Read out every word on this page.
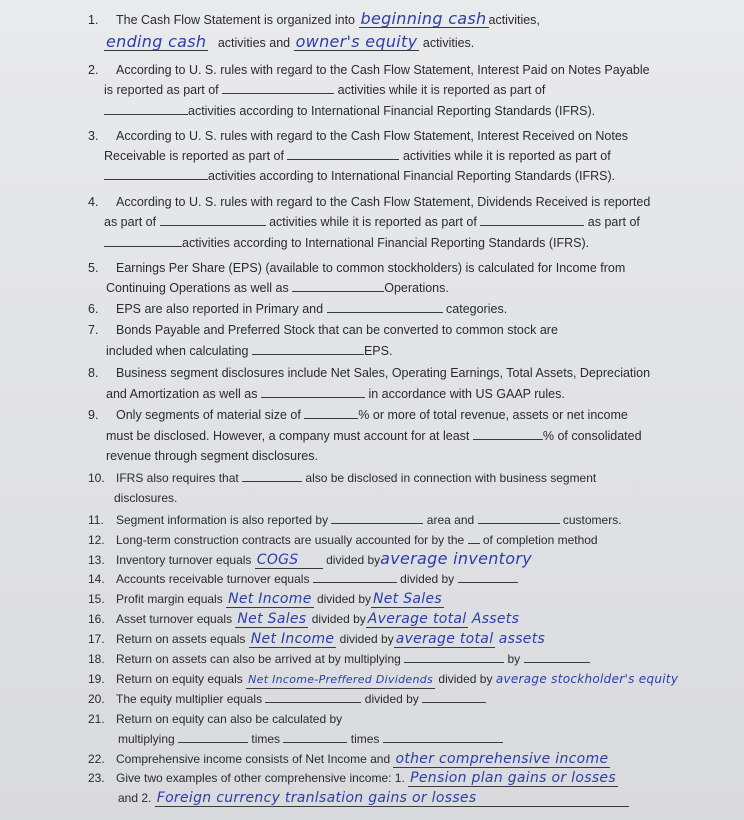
1. The Cash Flow Statement is organized into beginning cash activities,
ending cash activities and owner's equity activities.
2. According to U. S. rules with regard to the Cash Flow Statement, Interest Paid on Notes Payable
is reported as part of	activities while it is reported as part of
activities according to International Financial Reporting Standards (IFRS).
3. According to U. S. rules with regard to the Cash Flow Statement, Interest Received on Notes
Receivable is reported as part of	activities while it is reported as part of
activities according to International Financial Reporting Standards (IFRS).
4. According to U. S. rules with regard to the Cash Flow Statement, Dividends Received is reported
as part of	activities while it is reported as part of	as part of
activities according to International Financial Reporting Standards (IFRS).
5. Earnings Per Share (EPS) (available to common stockholders) is calculated for Income from
Continuing Operations as well as	Operations.
6. EPS are also reported in Primary and	categories.
7. Bonds Payable and Preferred Stock that can be converted to common stock are
included when calculating	EPS.
8. Business segment disclosures include Net Sales, Operating Earnings, Total Assets, Depreciation
and Amortization as well as	in accordance with US GAAP rules.
9. Only segments of material size of	% or more of total revenue, assets or net income
must be disclosed. However, a company must account for at least	% of consolidated
revenue through segment disclosures.
10. IFRS also requires that	also be disclosed in connection with business segment
disclosures.
11. Segment information is also reported by	area and	customers.
12. Long-term construction contracts are usually accounted for by the of completion method
13. Inventory turnover equals COGS divided byaverage inventory
14. Accounts receivable turnover equals	divided by
15. Profit margin equals Net Income divided by Net Sales
16. Asset turnover equals Net Sales divided by Average total Assets
17. Return on assets equals Net Income divided by average total assets
18. Return on assets can also be arrived at by multiplying	by
19. Return on equity equals Net Income-Preffered Dividends divided by average stockholder's equity
20. The equity multiplier equals	divided by
21. Return on equity can also be calculated by
multiplying	times	times
22. Comprehensive income consists of Net Income and other comprehensive income
23. Give two examples of other comprehensive income: 1. Pension plan gains or losses
and 2. Foreign currency tranlsation gains or losses
